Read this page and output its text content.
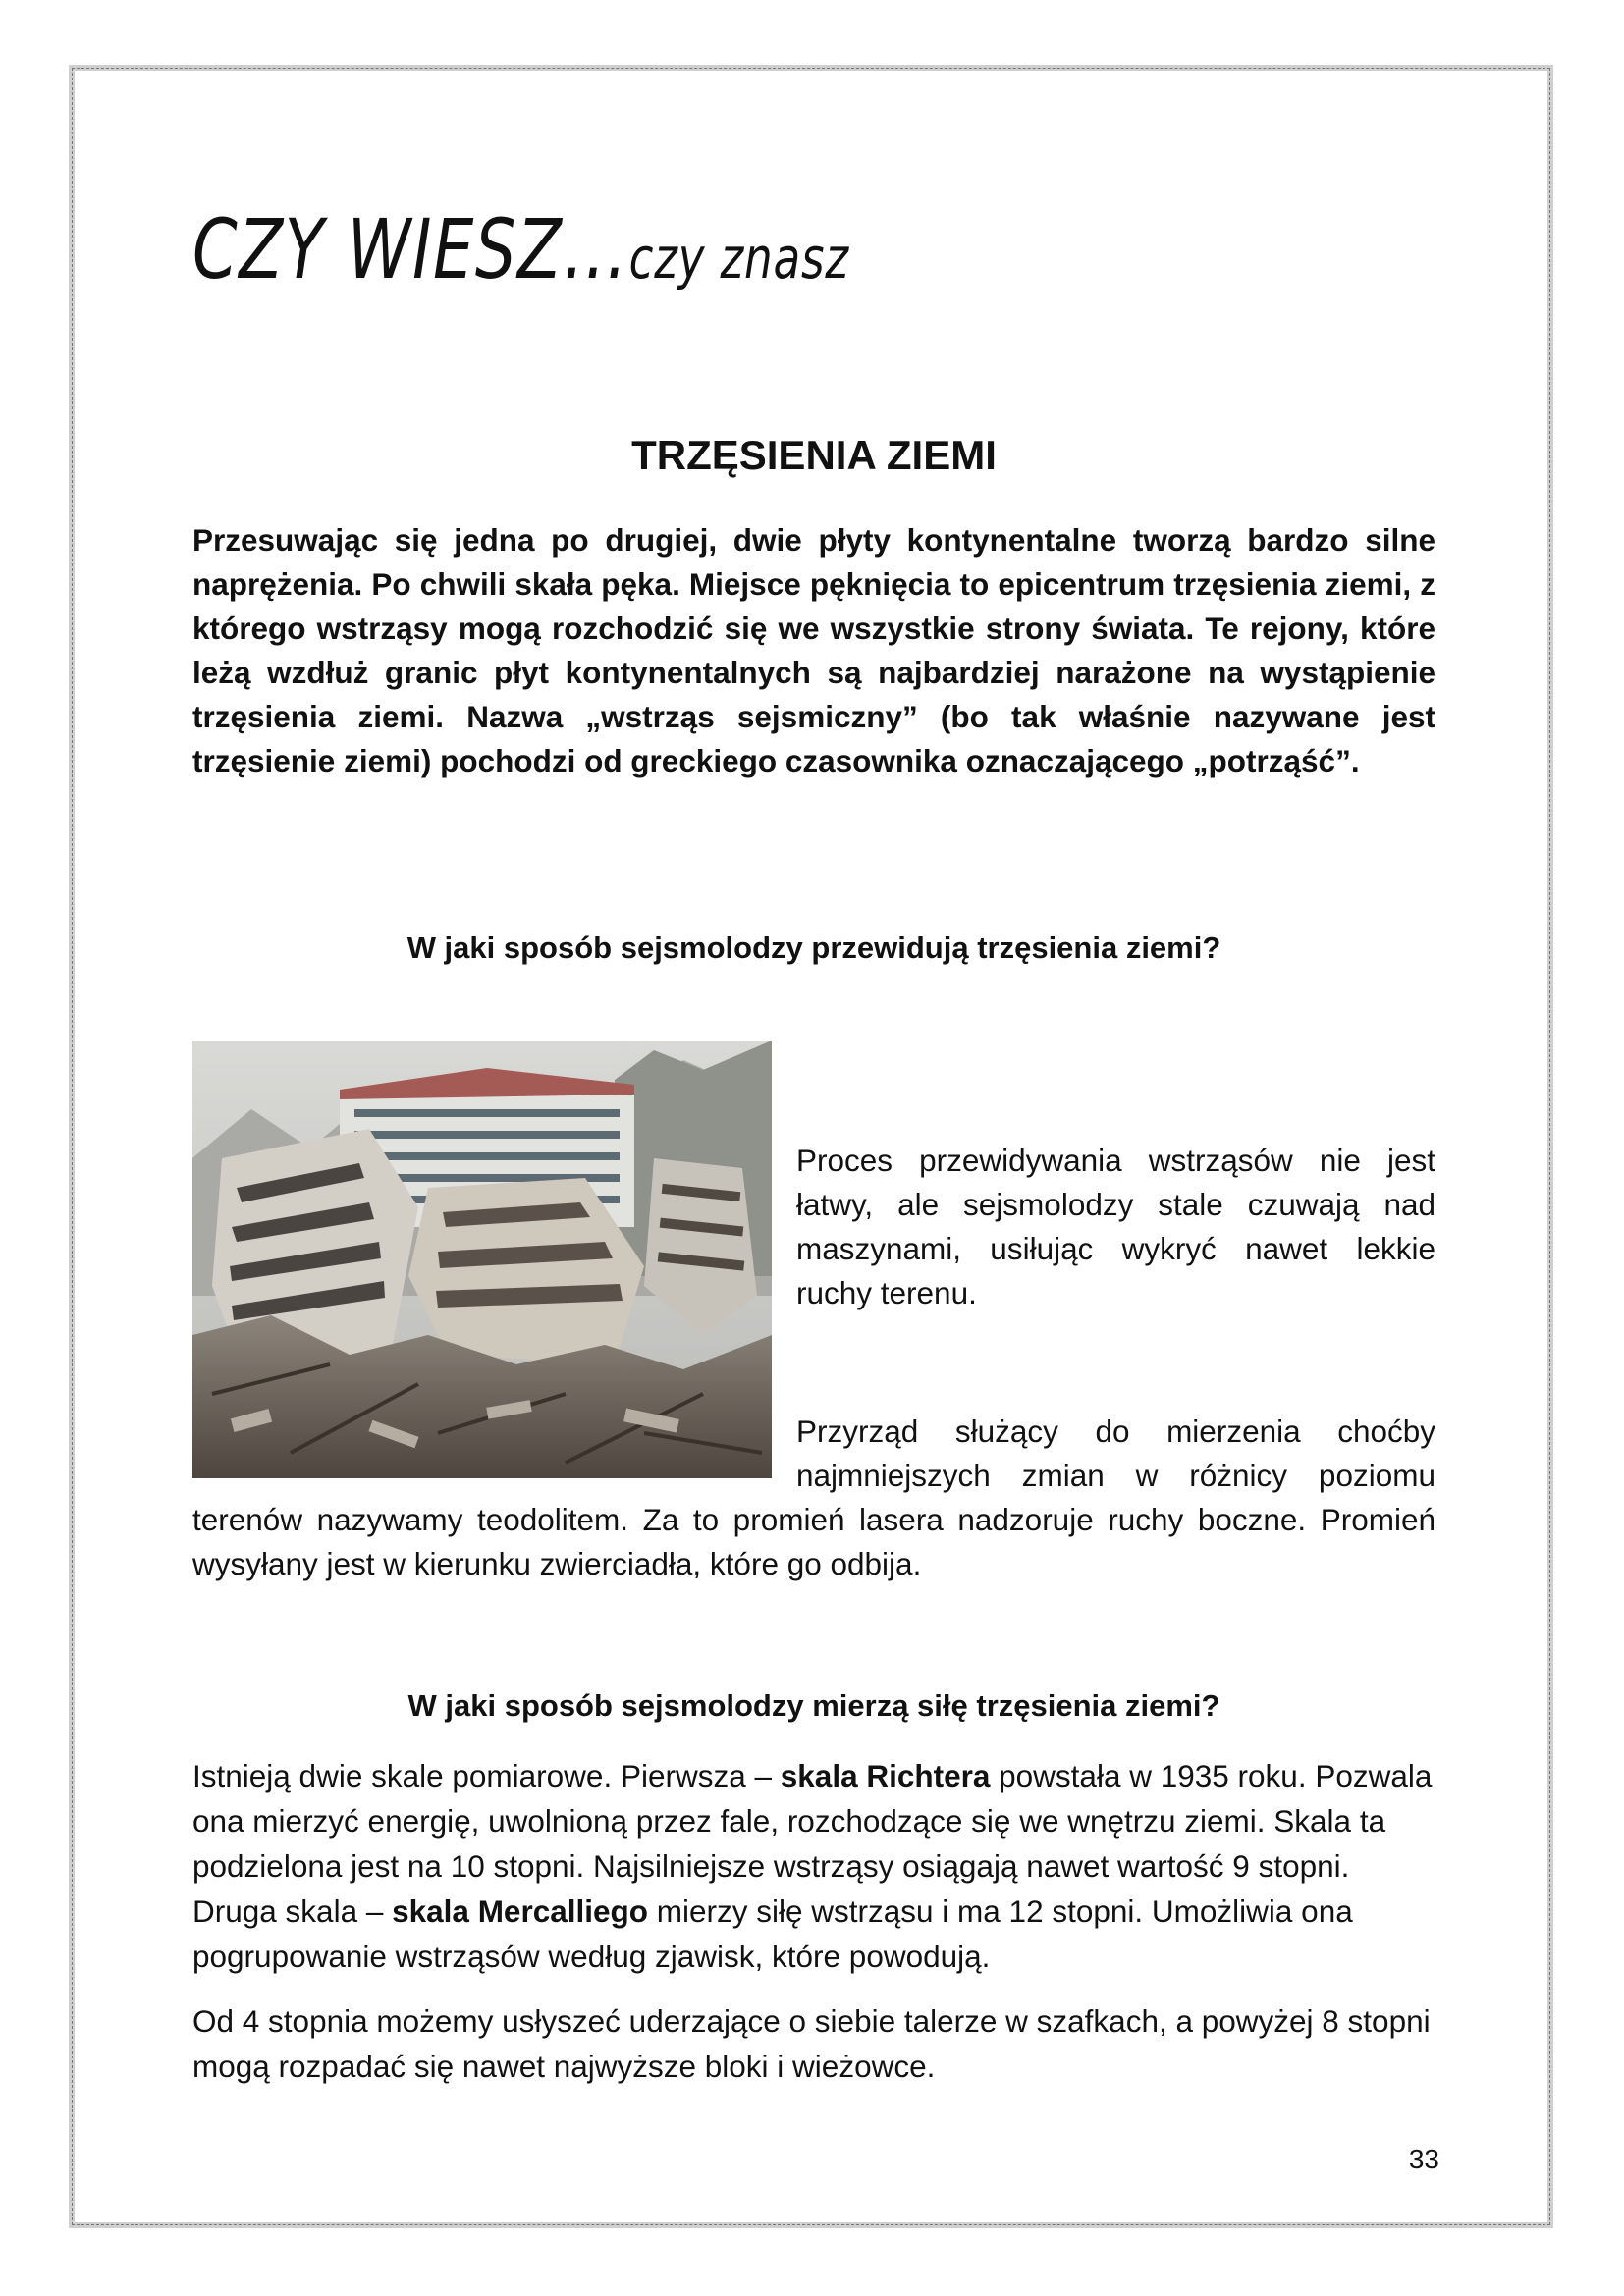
CZY WIESZ…czy znasz
TRZĘSIENIA ZIEMI

Przesuwając się jedna po drugiej, dwie płyty kontynentalne tworzą bardzo silne naprężenia. Po chwili skała pęka. Miejsce pęknięcia to epicentrum trzęsienia ziemi, z którego wstrząsy mogą rozchodzić się we wszystkie strony świata. Te rejony, które leżą wzdłuż granic płyt kontynentalnych są najbardziej narażone na wystąpienie trzęsienia ziemi. Nazwa „wstrząs sejsmiczny” (bo tak właśnie nazywane jest trzęsienie ziemi) pochodzi od greckiego czasownika oznaczającego „potrząść”.

W jaki sposób sejsmolodzy przewidują trzęsienia ziemi?

Proces przewidywania wstrząsów nie jest łatwy, ale sejsmolodzy stale czuwają nad maszynami, usiłując wykryć nawet lekkie ruchy terenu.

Przyrząd służący do mierzenia choćby najmniejszych zmian w różnicy poziomu

terenów nazywamy teodolitem. Za to promień lasera nadzoruje ruchy boczne. Promień wysyłany jest w kierunku zwierciadła, które go odbija.

W jaki sposób sejsmolodzy mierzą siłę trzęsienia ziemi?

Istnieją dwie skale pomiarowe. Pierwsza – skala Richtera powstała w 1935 roku. Pozwala ona mierzyć energię, uwolnioną przez fale, rozchodzące się we wnętrzu ziemi. Skala ta podzielona jest na 10 stopni. Najsilniejsze wstrząsy osiągają nawet wartość 9 stopni. Druga skala – skala Mercalliego mierzy siłę wstrząsu i ma 12 stopni. Umożliwia ona pogrupowanie wstrząsów według zjawisk, które powodują.

Od 4 stopnia możemy usłyszeć uderzające o siebie talerze w szafkach, a powyżej 8 stopni mogą rozpadać się nawet najwyższe bloki i wieżowce.

33
